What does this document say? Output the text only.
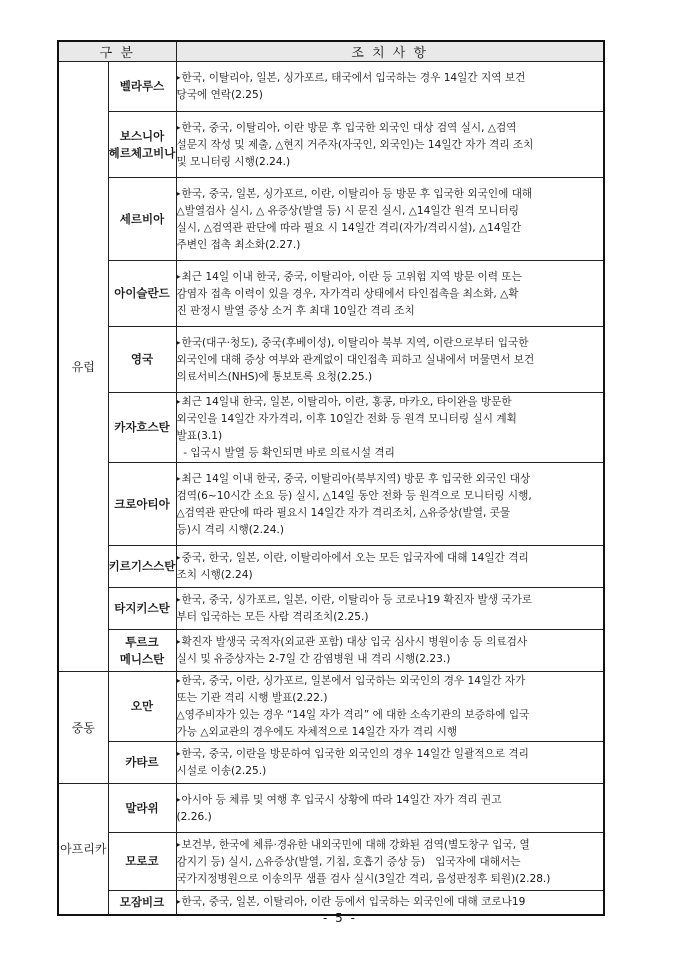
구 분		조 치 사 항
유럽	벨라루스	▸한국, 이탈리아, 일본, 싱가포르, 태국에서 입국하는 경우 14일간 지역 보건
당국에 연락(2.25)

	보스니아
헤르체고비나	▸한국, 중국, 이탈리아, 이란 방문 후 입국한 외국인 대상 검역 실시, △검역
설문지 작성 및 제출, △현지 거주자(자국인, 외국인)는 14일간 자가 격리 조치
및 모니터링 시행(2.24.)

	세르비아	▸한국, 중국, 일본, 싱가포르, 이란, 이탈리아 등 방문 후 입국한 외국인에 대해
△발열검사 실시, △ 유증상(발열 등) 시 문진 실시, △14일간 원격 모니터링
실시, △검역관 판단에 따라 필요 시 14일간 격리(자가/격리시설), △14일간
주변인 접촉 최소화(2.27.)

	아이슬란드	▸최근 14일 이내 한국, 중국, 이탈리아, 이란 등 고위험 지역 방문 이력 또는
감염자 접촉 이력이 있을 경우, 자가격리 상태에서 타인접촉을 최소화, △확
진 판정시 발열 증상 소거 후 최대 10일간 격리 조치

	영국	▸한국(대구·청도), 중국(후베이성), 이탈리아 북부 지역, 이란으로부터 입국한
외국인에 대해 증상 여부와 관계없이 대인접촉 피하고 실내에서 머물면서 보건
의료서비스(NHS)에 통보토록 요청(2.25.)

	카자흐스탄	▸최근 14일내 한국, 일본, 이탈리아, 이란, 홍콩, 마카오, 타이완을 방문한
외국인을 14일간 자가격리, 이후 10일간 전화 등 원격 모니터링 실시 계획
발표(3.1)
- 입국시 발열 등 확인되면 바로 의료시설 격리

	크로아티아	▸최근 14일 이내 한국, 중국, 이탈리아(북부지역) 방문 후 입국한 외국인 대상
검역(6~10시간 소요 등) 실시, △14일 동안 전화 등 원격으로 모니터링 시행,
△검역관 판단에 따라 필요시 14일간 자가 격리조치, △유증상(발열, 콧물
등)시 격리 시행(2.24.)

	키르기스스탄	▸중국, 한국, 일본, 이란, 이탈리아에서 오는 모든 입국자에 대해 14일간 격리
조치 시행(2.24)

	타지키스탄	▸한국, 중국, 싱가포르, 일본, 이란, 이탈리아 등 코로나19 확진자 발생 국가로
부터 입국하는 모든 사람 격리조치(2.25.)

	투르크
메니스탄	▸확진자 발생국 국적자(외교관 포함) 대상 입국 심사시 병원이송 등 의료검사
실시 및 유증상자는 2-7일 간 감염병원 내 격리 시행(2.23.)

중동	오만	▸한국, 중국, 이란, 싱가포르, 일본에서 입국하는 외국인의 경우 14일간 자가
또는 기관 격리 시행 발표(2.22.)
△영주비자가 있는 경우 “14일 자가 격리” 에 대한 소속기관의 보증하에 입국
가능 △외교관의 경우에도 자체적으로 14일간 자가 격리 시행

	카타르	▸한국, 중국, 이란을 방문하여 입국한 외국인의 경우 14일간 일괄적으로 격리
시설로 이송(2.25.)

아프리카	말라위	▸아시아 등 체류 및 여행 후 입국시 상황에 따라 14일간 자가 격리 권고
(2.26.)

	모로코	▸보건부, 한국에 체류·경유한 내외국민에 대해 강화된 검역(별도창구 입국, 열
감지기 등) 실시, △유증상(발열, 기침, 호흡기 증상 등)   입국자에 대해서는
국가지정병원으로 이송의무 샘플 검사 실시(3일간 격리, 음성판정후 퇴원)(2.28.)

	모잠비크	▸한국, 중국, 일본, 이탈리아, 이란 등에서 입국하는 외국인에 대해 코로나19
- 5 -
